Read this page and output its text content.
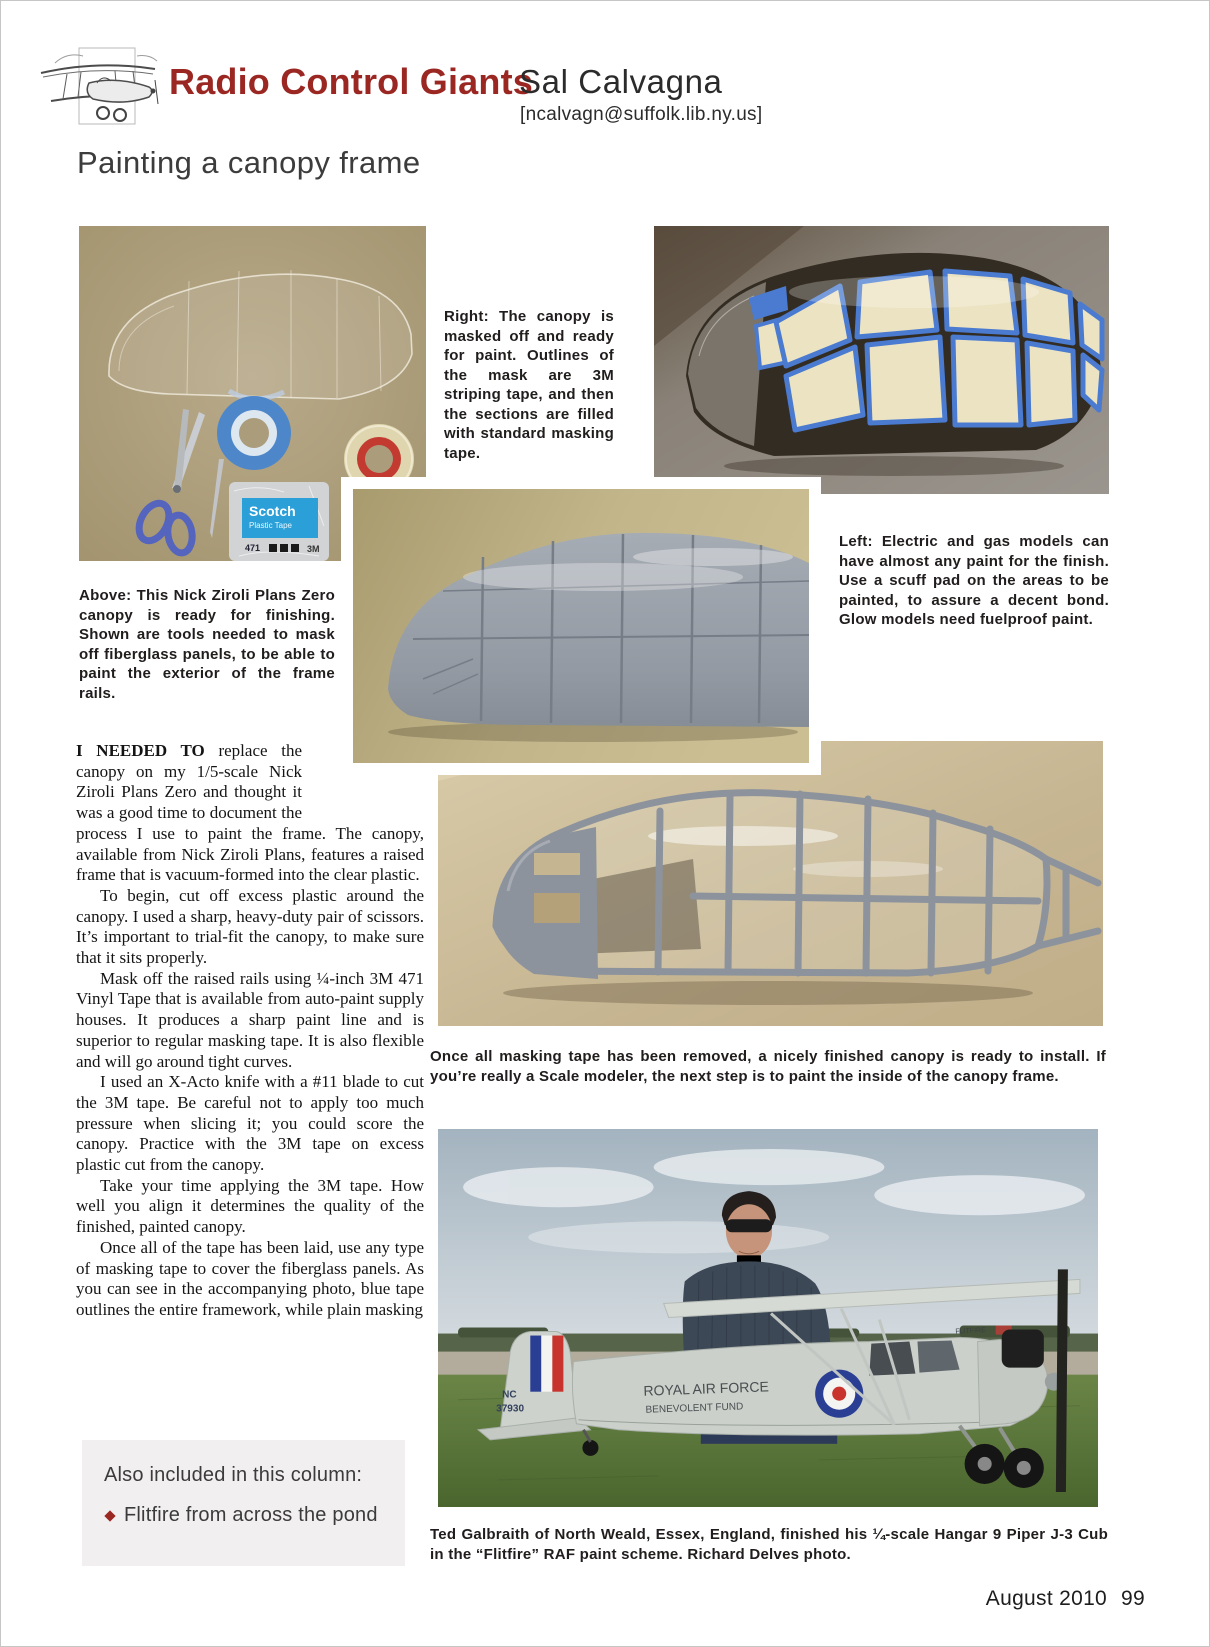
Radio Control Giants
Sal Calvagna
[ncalvagn@suffolk.lib.ny.us]
Painting a canopy frame
Scotch
Plastic Tape
471	3M
Right: The canopy is masked off and ready for paint. Outlines of the mask are 3M striping tape, and then the sections are filled with standard masking tape.
Above: This Nick Ziroli Plans Zero canopy is ready for finishing. Shown are tools needed to mask off fiberglass panels, to be able to paint the exterior of the frame rails.
Left: Electric and gas models can have almost any paint for the finish. Use a scuff pad on the areas to be painted, to assure a decent bond. Glow models need fuelproof paint.
Once all masking tape has been removed, a nicely finished canopy is ready to install. If you’re really a Scale modeler, the next step is to paint the inside of the canopy frame.

I NEEDED TO replace the canopy on my 1/5-scale Nick Ziroli Plans Zero and thought it was a good time to document the process I use to paint the frame. The canopy, available from Nick Ziroli Plans, features a raised frame that is vacuum-formed into the clear plastic.

To begin, cut off excess plastic around the canopy. I used a sharp, heavy-duty pair of scissors. It’s important to trial-fit the canopy, to make sure that it sits properly.

Mask off the raised rails using ¼-inch 3M 471 Vinyl Tape that is available from auto-paint supply houses. It produces a sharp paint line and is superior to regular masking tape. It is also flexible and will go around tight curves.

I used an X-Acto knife with a #11 blade to cut the 3M tape. Be careful not to apply too much pressure when slicing it; you could score the canopy. Practice with the 3M tape on excess plastic cut from the canopy.

Take your time applying the 3M tape. How well you align it determines the quality of the finished, painted canopy.

Once all of the tape has been laid, use any type of masking tape to cover the fiberglass panels. As you can see in the accompanying photo, blue tape outlines the entire framework, while plain masking

NC
37930
ROYAL AIR FORCE
BENEVOLENT FUND
FLITFIRE
Ted Galbraith of North Weald, Essex, England, finished his ¼-scale Hangar 9 Piper J-3 Cub in the “Flitfire” RAF paint scheme. Richard Delves photo.
Also included in this column:
Flitfire from across the pond
August 2010 99
